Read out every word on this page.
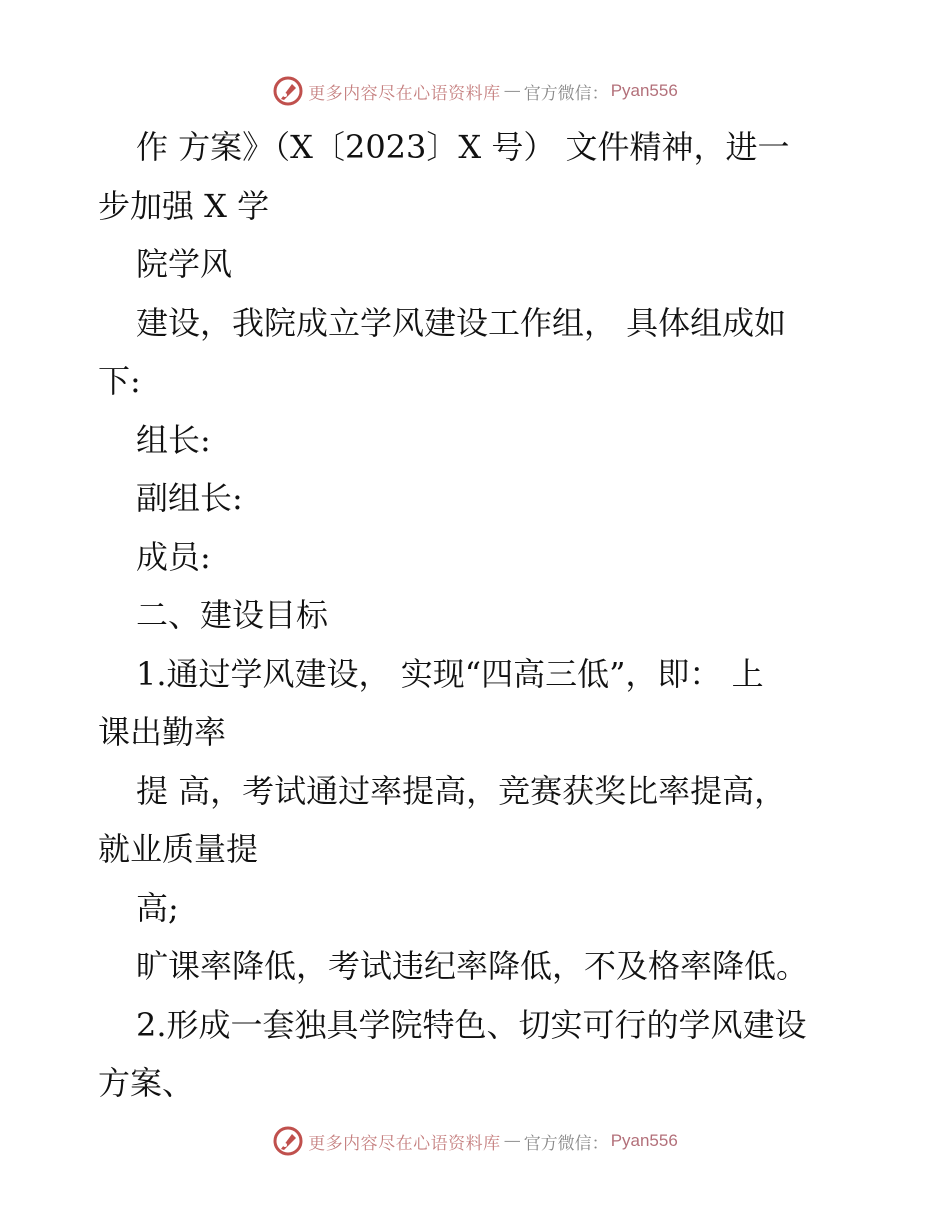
更多内容尽在心语资料库 — 官方微信： Pyan556
作 方案》（X〔2023〕X 号） 文件精神，进一
步加强 X 学
院学风
建设，我院成立学风建设工作组， 具体组成如
下:
组长:
副组长:
成员:
二、建设目标
1.通过学风建设， 实现“四高三低”，即： 上
课出勤率
提 高，考试通过率提高，竞赛获奖比率提高，
就业质量提
高;
旷课率降低，考试违纪率降低，不及格率降低。
2.形成一套独具学院特色、切实可行的学风建设
方案、
更多内容尽在心语资料库 — 官方微信： Pyan556
